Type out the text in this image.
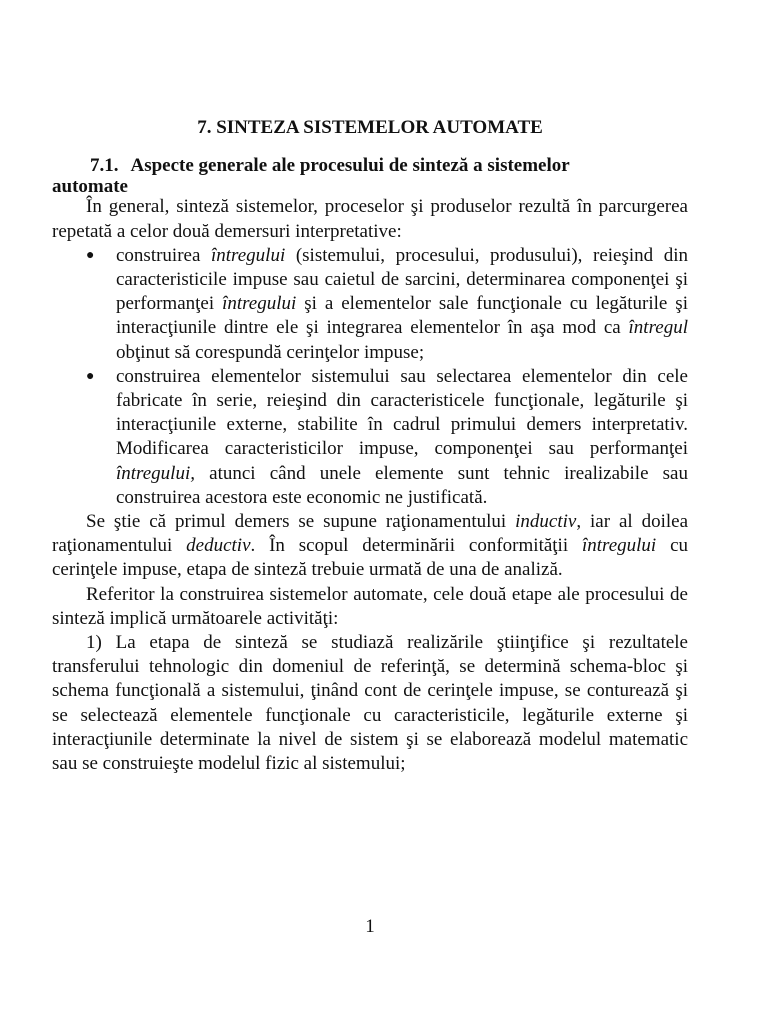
7. SINTEZA SISTEMELOR AUTOMATE
7.1. Aspecte generale ale procesului de sinteză a sistemelor
automate

În general, sinteză sistemelor, proceselor şi produselor rezultă în parcurgerea repetată a celor două demersuri interpretative:

● construirea întregului (sistemului, procesului, produsului), reieşind din caracteristicile impuse sau caietul de sarcini, determinarea componenţei şi performanţei întregului şi a elementelor sale funcţionale cu legăturile şi interacţiunile dintre ele şi integrarea elementelor în aşa mod ca întregul obţinut să corespundă cerinţelor impuse;
● construirea elementelor sistemului sau selectarea elementelor din cele fabricate în serie, reieşind din caracteristicele funcţionale, legăturile şi interacţiunile externe, stabilite în cadrul primului demers interpretativ. Modificarea caracteristicilor impuse, componenţei sau performanţei întregului, atunci când unele elemente sunt tehnic irealizabile sau construirea acestora este economic ne justificată.

Se ştie că primul demers se supune raţionamentului inductiv, iar al doilea raţionamentului deductiv. În scopul determinării conformităţii întregului cu cerinţele impuse, etapa de sinteză trebuie urmată de una de analiză.

Referitor la construirea sistemelor automate, cele două etape ale procesului de sinteză implică următoarele activităţi:

1) La etapa de sinteză se studiază realizările ştiinţifice şi rezultatele transferului tehnologic din domeniul de referinţă, se determină schema-bloc şi schema funcţională a sistemului, ţinând cont de cerinţele impuse, se conturează şi se selectează elementele funcţionale cu caracteristicile, legăturile externe şi interacţiunile determinate la nivel de sistem şi se elaborează modelul matematic sau se construieşte modelul fizic al sistemului;

1
